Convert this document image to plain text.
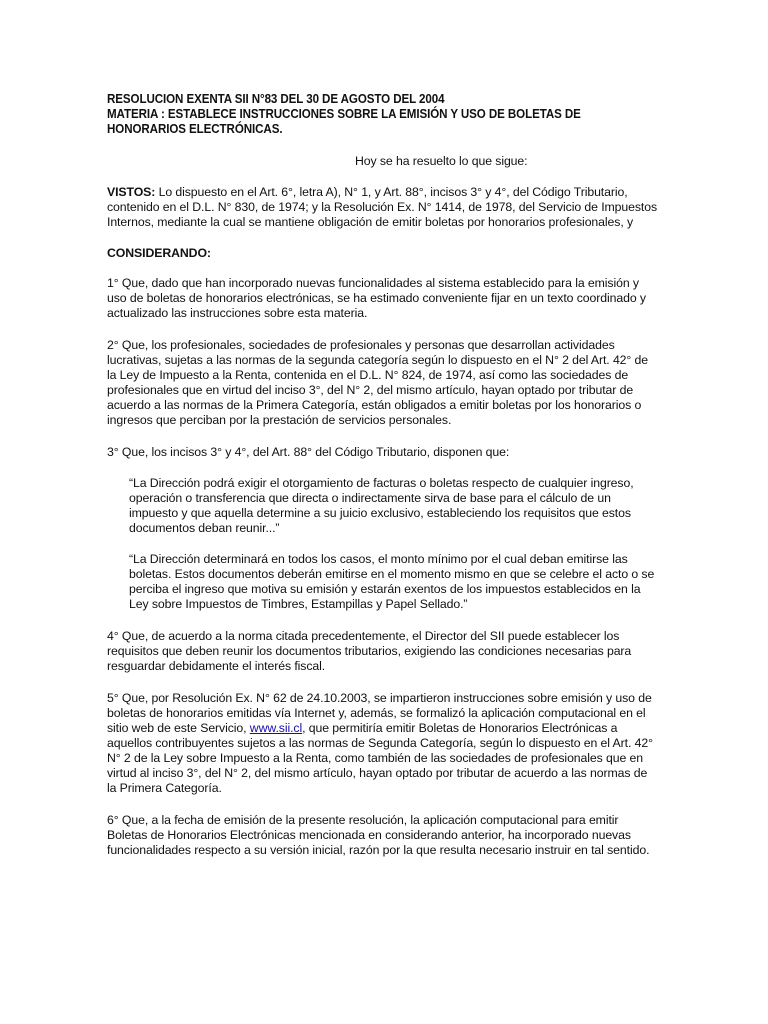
RESOLUCION EXENTA SII N°83 DEL 30 DE AGOSTO DEL 2004
MATERIA : ESTABLECE INSTRUCCIONES SOBRE LA EMISIÓN Y USO DE BOLETAS DE
HONORARIOS ELECTRÓNICAS.

Hoy se ha resuelto lo que sigue:

VISTOS: Lo dispuesto en el Art. 6°, letra A), N° 1, y Art. 88°, incisos 3° y 4°, del Código Tributario, contenido en el D.L. N° 830, de 1974; y la Resolución Ex. N° 1414, de 1978, del Servicio de Impuestos Internos, mediante la cual se mantiene obligación de emitir boletas por honorarios profesionales, y

CONSIDERANDO:

1° Que, dado que han incorporado nuevas funcionalidades al sistema establecido para la emisión y uso de boletas de honorarios electrónicas, se ha estimado conveniente fijar en un texto coordinado y actualizado las instrucciones sobre esta materia.

2° Que, los profesionales, sociedades de profesionales y personas que desarrollan actividades lucrativas, sujetas a las normas de la segunda categoría según lo dispuesto en el N° 2 del Art. 42° de la Ley de Impuesto a la Renta, contenida en el D.L. N° 824, de 1974, así como las sociedades de profesionales que en virtud del inciso 3°, del N° 2, del mismo artículo, hayan optado por tributar de acuerdo a las normas de la Primera Categoría, están obligados a emitir boletas por los honorarios o ingresos que perciban por la prestación de servicios personales.

3° Que, los incisos 3° y 4°, del Art. 88° del Código Tributario, disponen que:

“La Dirección podrá exigir el otorgamiento de facturas o boletas respecto de cualquier ingreso, operación o transferencia que directa o indirectamente sirva de base para el cálculo de un impuesto y que aquella determine a su juicio exclusivo, estableciendo los requisitos que estos documentos deban reunir...”

“La Dirección determinará en todos los casos, el monto mínimo por el cual deban emitirse las boletas. Estos documentos deberán emitirse en el momento mismo en que se celebre el acto o se perciba el ingreso que motiva su emisión y estarán exentos de los impuestos establecidos en la Ley sobre Impuestos de Timbres, Estampillas y Papel Sellado.”

4° Que, de acuerdo a la norma citada precedentemente, el Director del SII puede establecer los requisitos que deben reunir los documentos tributarios, exigiendo las condiciones necesarias para resguardar debidamente el interés fiscal.

5° Que, por Resolución Ex. N° 62 de 24.10.2003, se impartieron instrucciones sobre emisión y uso de boletas de honorarios emitidas vía Internet y, además, se formalizó la aplicación computacional en el sitio web de este Servicio, www.sii.cl, que permitiría emitir Boletas de Honorarios Electrónicas a aquellos contribuyentes sujetos a las normas de Segunda Categoría, según lo dispuesto en el Art. 42° N° 2 de la Ley sobre Impuesto a la Renta, como también de las sociedades de profesionales que en virtud al inciso 3°, del N° 2, del mismo artículo, hayan optado por tributar de acuerdo a las normas de la Primera Categoría.

6° Que, a la fecha de emisión de la presente resolución, la aplicación computacional para emitir Boletas de Honorarios Electrónicas mencionada en considerando anterior, ha incorporado nuevas funcionalidades respecto a su versión inicial, razón por la que resulta necesario instruir en tal sentido.
